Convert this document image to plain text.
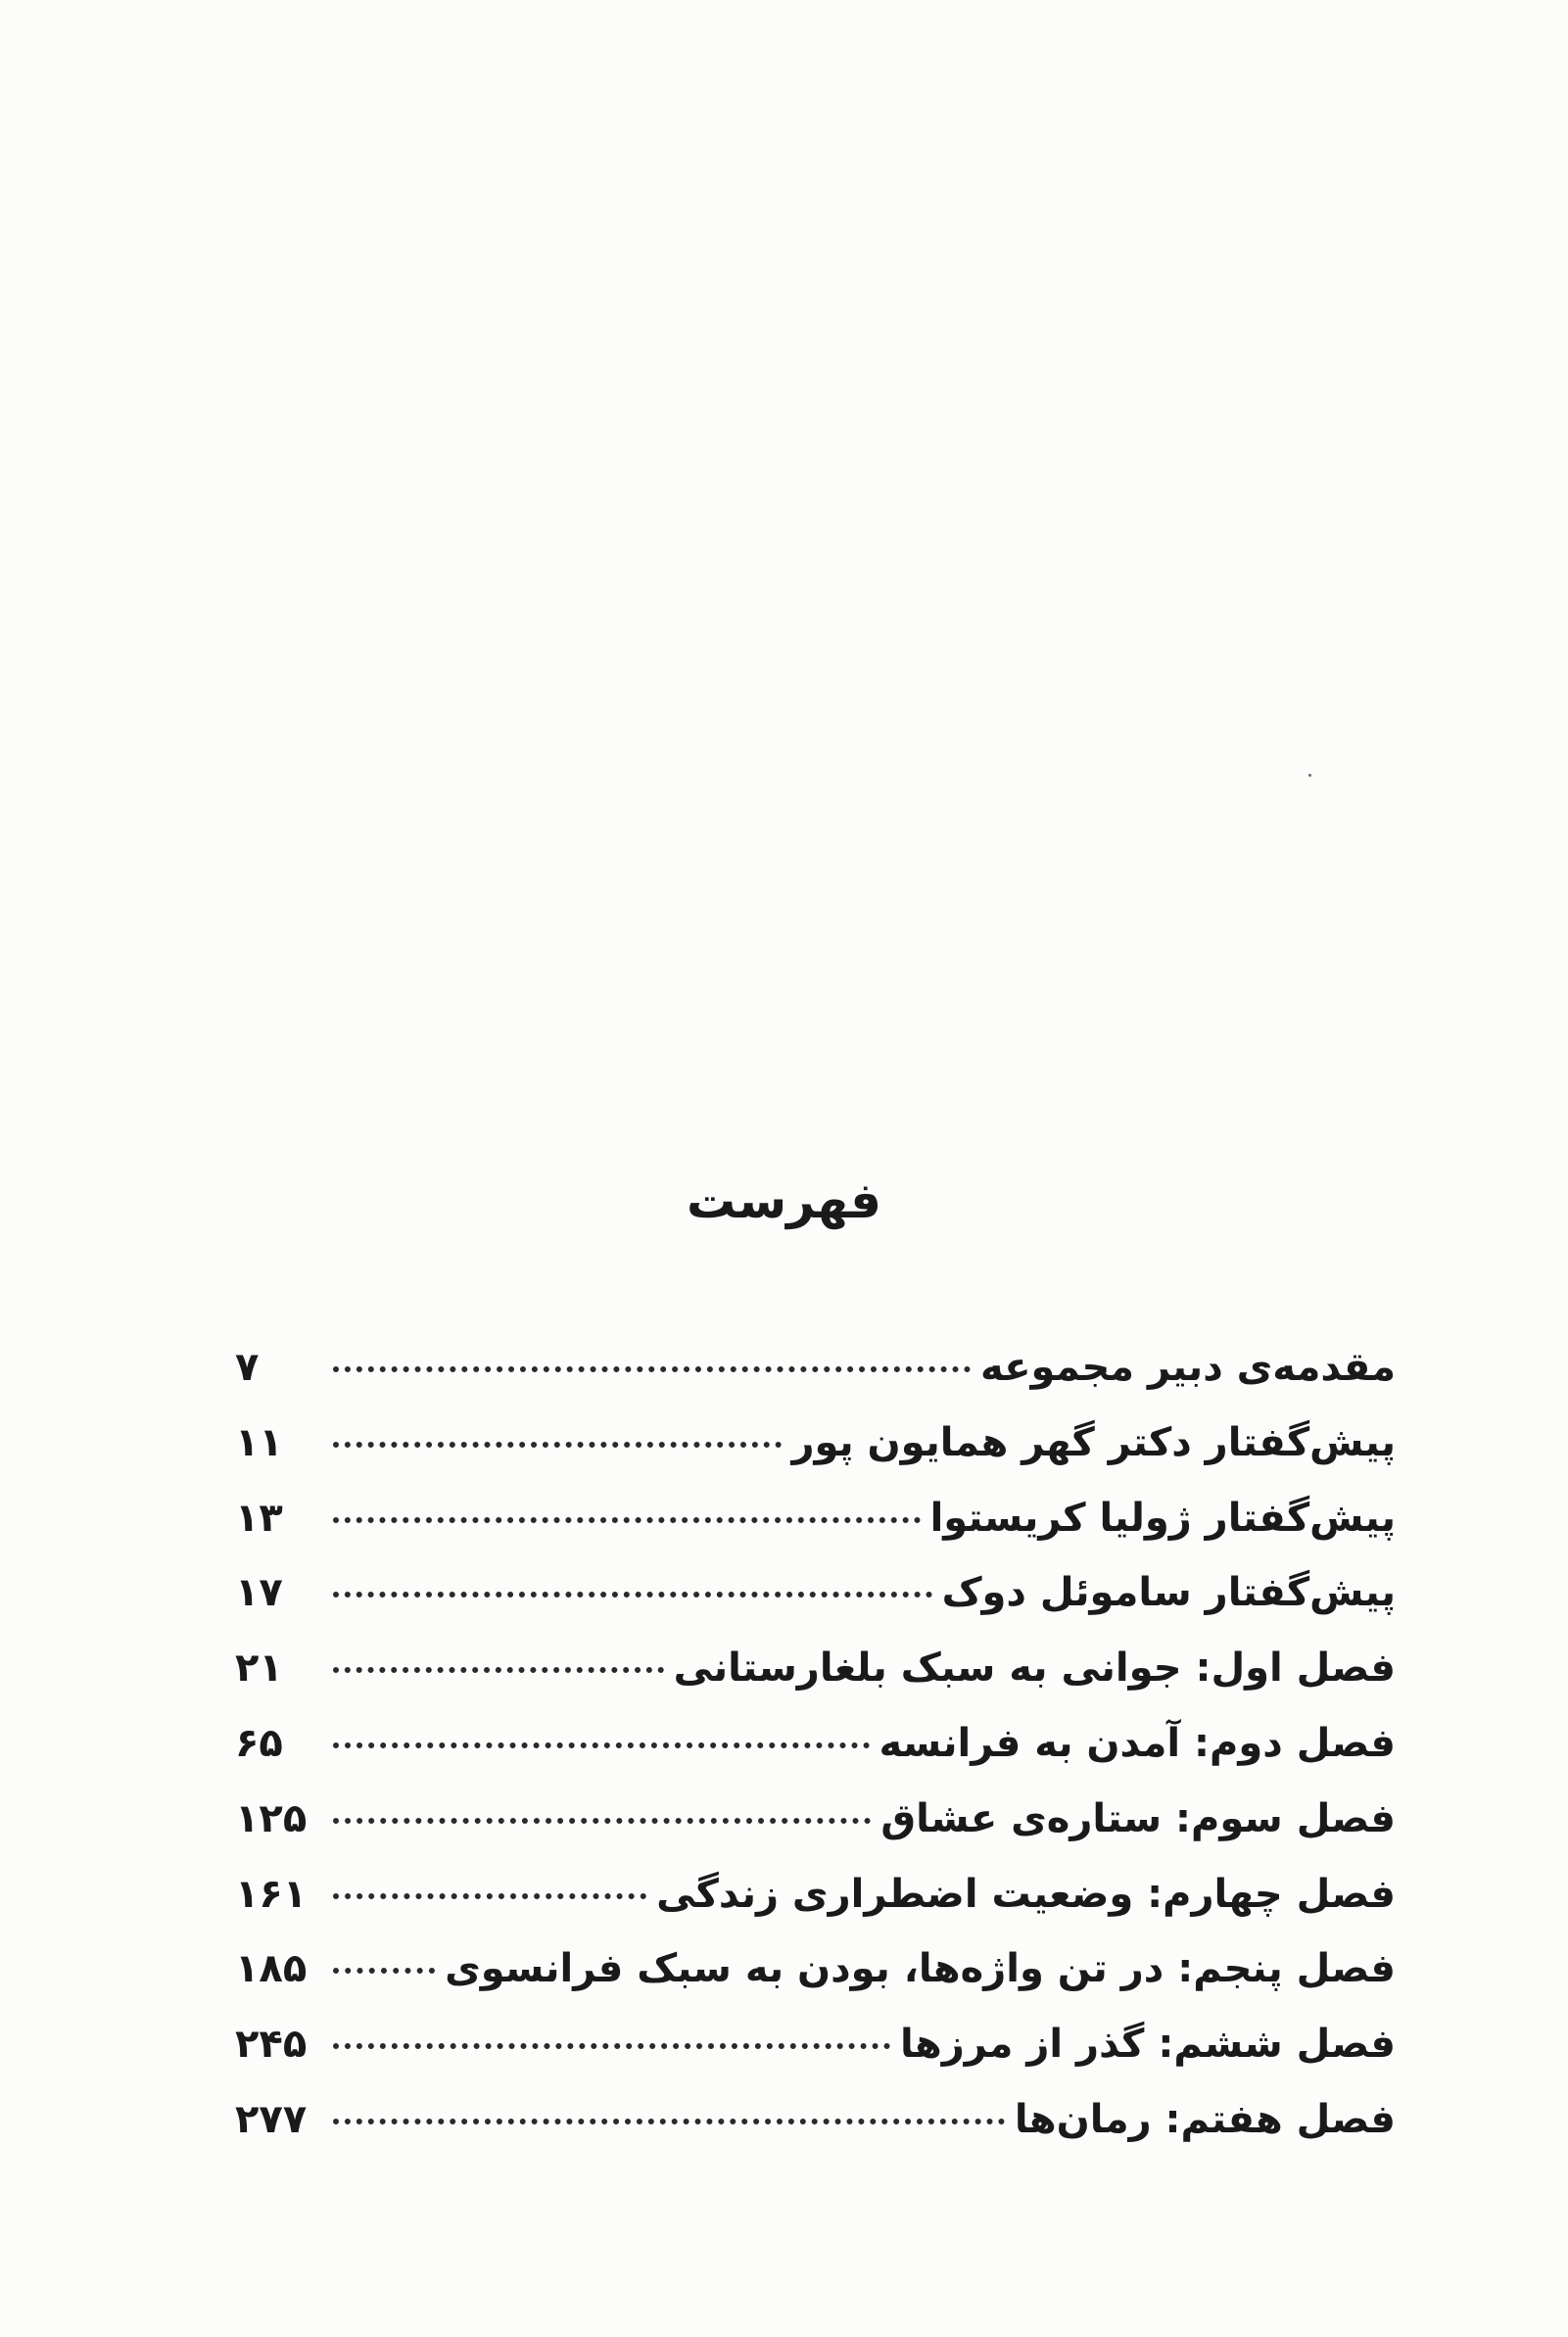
فهرست
مقدمه‌ی دبیر مجموعه
۷
پیش‌گفتار دکتر گهر همایون پور
۱۱
پیش‌گفتار ژولیا کریستوا
۱۳
پیش‌گفتار ساموئل دوک
۱۷
فصل اول: جوانی به سبک بلغارستانی
۲۱
فصل دوم: آمدن به فرانسه
۶۵
فصل سوم: ستاره‌ی عشاق
۱۲۵
فصل چهارم: وضعیت اضطراری زندگی
۱۶۱
فصل پنجم: در تن واژه‌ها، بودن به سبک فرانسوی
۱۸۵
فصل ششم: گذر از مرزها
۲۴۵
فصل هفتم: رمان‌ها
۲۷۷
